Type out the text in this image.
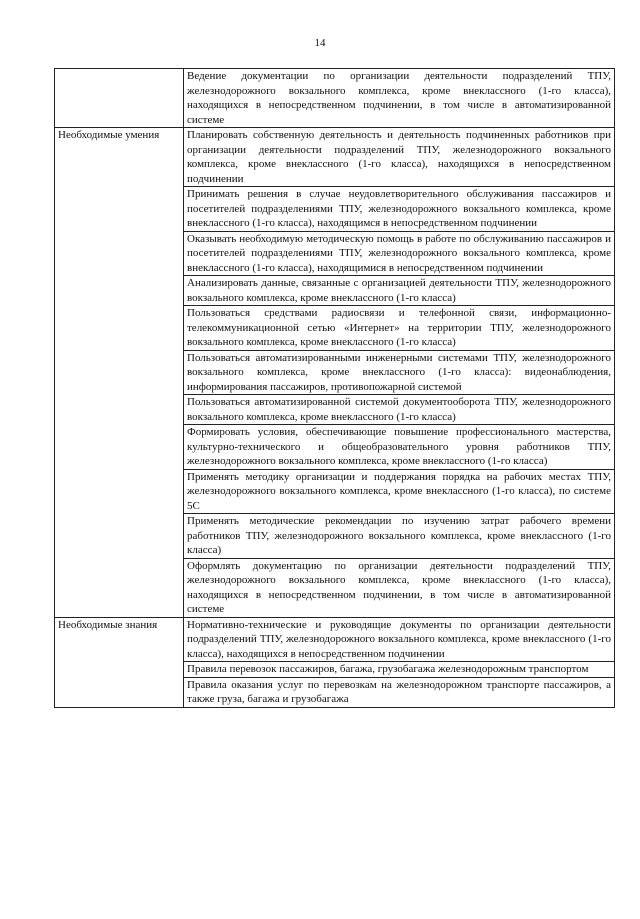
14
	Ведение документации по организации деятельности подразделений ТПУ, железнодорожного вокзального комплекса, кроме внеклассного (1-го класса), находящихся в непосредственном подчинении, в том числе в автоматизированной системе
Необходимые умения	Планировать собственную деятельность и деятельность подчиненных работников при организации деятельности подразделений ТПУ, железнодорожного вокзального комплекса, кроме внеклассного (1-го класса), находящихся в непосредственном подчинении
	Принимать решения в случае неудовлетворительного обслуживания пассажиров и посетителей подразделениями ТПУ, железнодорожного вокзального комплекса, кроме внеклассного (1-го класса), находящимся в непосредственном подчинении
	Оказывать необходимую методическую помощь в работе по обслуживанию пассажиров и посетителей подразделениями ТПУ, железнодорожного вокзального комплекса, кроме внеклассного (1-го класса), находящимися в непосредственном подчинении
	Анализировать данные, связанные с организацией деятельности ТПУ, железнодорожного вокзального комплекса, кроме внеклассного (1-го класса)
	Пользоваться средствами радиосвязи и телефонной связи, информационно-телекоммуникационной сетью «Интернет» на территории ТПУ, железнодорожного вокзального комплекса, кроме внеклассного (1-го класса)
	Пользоваться автоматизированными инженерными системами ТПУ, железнодорожного вокзального комплекса, кроме внеклассного (1-го класса): видеонаблюдения, информирования пассажиров, противопожарной системой
	Пользоваться автоматизированной системой документооборота ТПУ, железнодорожного вокзального комплекса, кроме внеклассного (1-го класса)
	Формировать условия, обеспечивающие повышение профессионального мастерства, культурно-технического и общеобразовательного уровня работников ТПУ, железнодорожного вокзального комплекса, кроме внеклассного (1-го класса)
	Применять методику организации и поддержания порядка на рабочих местах ТПУ, железнодорожного вокзального комплекса, кроме внеклассного (1-го класса), по системе 5С
	Применять методические рекомендации по изучению затрат рабочего времени работников ТПУ, железнодорожного вокзального комплекса, кроме внеклассного (1-го класса)
	Оформлять документацию по организации деятельности подразделений ТПУ, железнодорожного вокзального комплекса, кроме внеклассного (1-го класса), находящихся в непосредственном подчинении, в том числе в автоматизированной системе
Необходимые знания	Нормативно-технические и руководящие документы по организации деятельности подразделений ТПУ, железнодорожного вокзального комплекса, кроме внеклассного (1-го класса), находящихся в непосредственном подчинении
	Правила перевозок пассажиров, багажа, грузобагажа железнодорожным транспортом
	Правила оказания услуг по перевозкам на железнодорожном транспорте пассажиров, а также груза, багажа и грузобагажа
